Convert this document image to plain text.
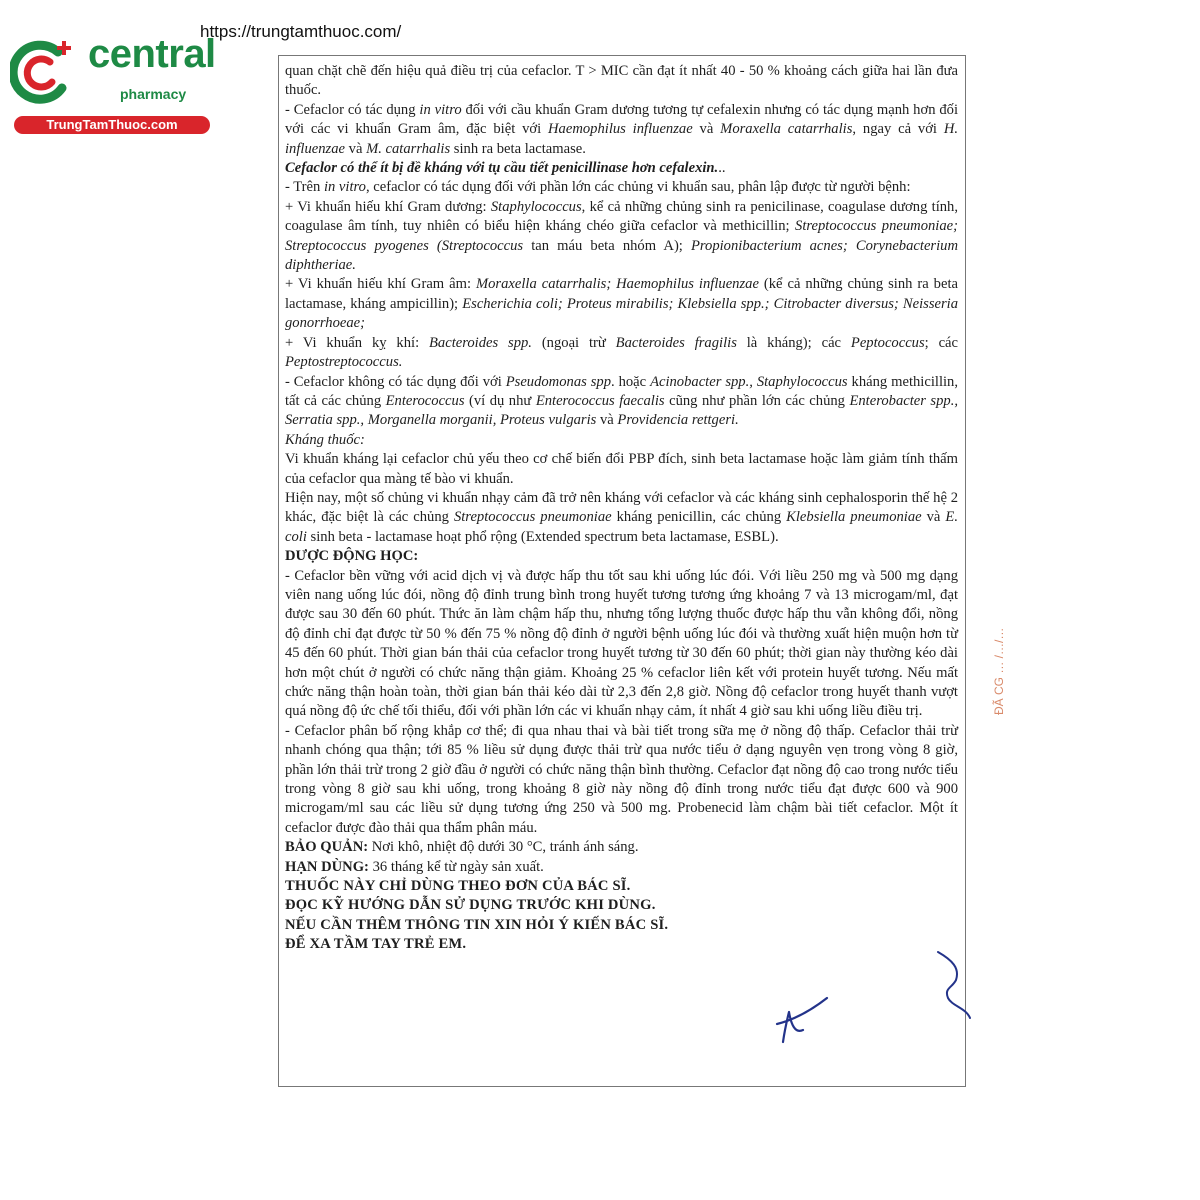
https://trungtamthuoc.com/
central
pharmacy
TrungTamThuoc.com

quan chặt chẽ đến hiệu quả điều trị của cefaclor. T > MIC cần đạt ít nhất 40 - 50 % khoảng cách giữa hai lần đưa thuốc.

- Cefaclor có tác dụng in vitro đối với cầu khuẩn Gram dương tương tự cefalexin nhưng có tác dụng mạnh hơn đối với các vi khuẩn Gram âm, đặc biệt với Haemophilus influenzae và Moraxella catarrhalis, ngay cả với H. influenzae và M. catarrhalis sinh ra beta lactamase.

Cefaclor có thể ít bị đề kháng với tụ cầu tiết penicillinase hơn cefalexin...

- Trên in vitro, cefaclor có tác dụng đối với phần lớn các chủng vi khuẩn sau, phân lập được từ người bệnh:

+ Vi khuẩn hiếu khí Gram dương: Staphylococcus, kể cả những chủng sinh ra penicilinase, coagulase dương tính, coagulase âm tính, tuy nhiên có biểu hiện kháng chéo giữa cefaclor và methicillin; Streptococcus pneumoniae; Streptococcus pyogenes (Streptococcus tan máu beta nhóm A); Propionibacterium acnes; Corynebacterium diphtheriae.

+ Vi khuẩn hiếu khí Gram âm: Moraxella catarrhalis; Haemophilus influenzae (kể cả những chủng sinh ra beta lactamase, kháng ampicillin); Escherichia coli; Proteus mirabilis; Klebsiella spp.; Citrobacter diversus; Neisseria gonorrhoeae;

+ Vi khuẩn kỵ khí: Bacteroides spp. (ngoại trừ Bacteroides fragilis là kháng); các Peptococcus; các Peptostreptococcus.

- Cefaclor không có tác dụng đối với Pseudomonas spp. hoặc Acinobacter spp., Staphylococcus kháng methicillin, tất cả các chủng Enterococcus (ví dụ như Enterococcus faecalis cũng như phần lớn các chủng Enterobacter spp., Serratia spp., Morganella morganii, Proteus vulgaris và Providencia rettgeri.

Kháng thuốc:

Vi khuẩn kháng lại cefaclor chủ yếu theo cơ chế biến đổi PBP đích, sinh beta lactamase hoặc làm giảm tính thấm của cefaclor qua màng tế bào vi khuẩn.

Hiện nay, một số chủng vi khuẩn nhạy cảm đã trở nên kháng với cefaclor và các kháng sinh cephalosporin thế hệ 2 khác, đặc biệt là các chủng Streptococcus pneumoniae kháng penicillin, các chủng Klebsiella pneumoniae và E. coli sinh beta - lactamase hoạt phổ rộng (Extended spectrum beta lactamase, ESBL).

DƯỢC ĐỘNG HỌC:

- Cefaclor bền vững với acid dịch vị và được hấp thu tốt sau khi uống lúc đói. Với liều 250 mg và 500 mg dạng viên nang uống lúc đói, nồng độ đỉnh trung bình trong huyết tương tương ứng khoảng 7 và 13 microgam/ml, đạt được sau 30 đến 60 phút. Thức ăn làm chậm hấp thu, nhưng tổng lượng thuốc được hấp thu vẫn không đổi, nồng độ đỉnh chỉ đạt được từ 50 % đến 75 % nồng độ đỉnh ở người bệnh uống lúc đói và thường xuất hiện muộn hơn từ 45 đến 60 phút. Thời gian bán thải của cefaclor trong huyết tương từ 30 đến 60 phút; thời gian này thường kéo dài hơn một chút ở người có chức năng thận giảm. Khoảng 25 % cefaclor liên kết với protein huyết tương. Nếu mất chức năng thận hoàn toàn, thời gian bán thải kéo dài từ 2,3 đến 2,8 giờ. Nồng độ cefaclor trong huyết thanh vượt quá nồng độ ức chế tối thiểu, đối với phần lớn các vi khuẩn nhạy cảm, ít nhất 4 giờ sau khi uống liều điều trị.

- Cefaclor phân bố rộng khắp cơ thể; đi qua nhau thai và bài tiết trong sữa mẹ ở nồng độ thấp. Cefaclor thải trừ nhanh chóng qua thận; tới 85 % liều sử dụng được thải trừ qua nước tiểu ở dạng nguyên vẹn trong vòng 8 giờ, phần lớn thải trừ trong 2 giờ đầu ở người có chức năng thận bình thường. Cefaclor đạt nồng độ cao trong nước tiểu trong vòng 8 giờ sau khi uống, trong khoảng 8 giờ này nồng độ đỉnh trong nước tiểu đạt được 600 và 900 microgam/ml sau các liều sử dụng tương ứng 250 và 500 mg. Probenecid làm chậm bài tiết cefaclor. Một ít cefaclor được đào thải qua thẩm phân máu.

BẢO QUẢN: Nơi khô, nhiệt độ dưới 30 °C, tránh ánh sáng.

HẠN DÙNG: 36 tháng kể từ ngày sản xuất.

THUỐC NÀY CHỈ DÙNG THEO ĐƠN CỦA BÁC SĨ.

ĐỌC KỸ HƯỚNG DẪN SỬ DỤNG TRƯỚC KHI DÙNG.

NẾU CẦN THÊM THÔNG TIN XIN HỎI Ý KIẾN BÁC SĨ.

ĐỂ XA TẦM TAY TRẺ EM.

ĐÃ CG … /…/…
